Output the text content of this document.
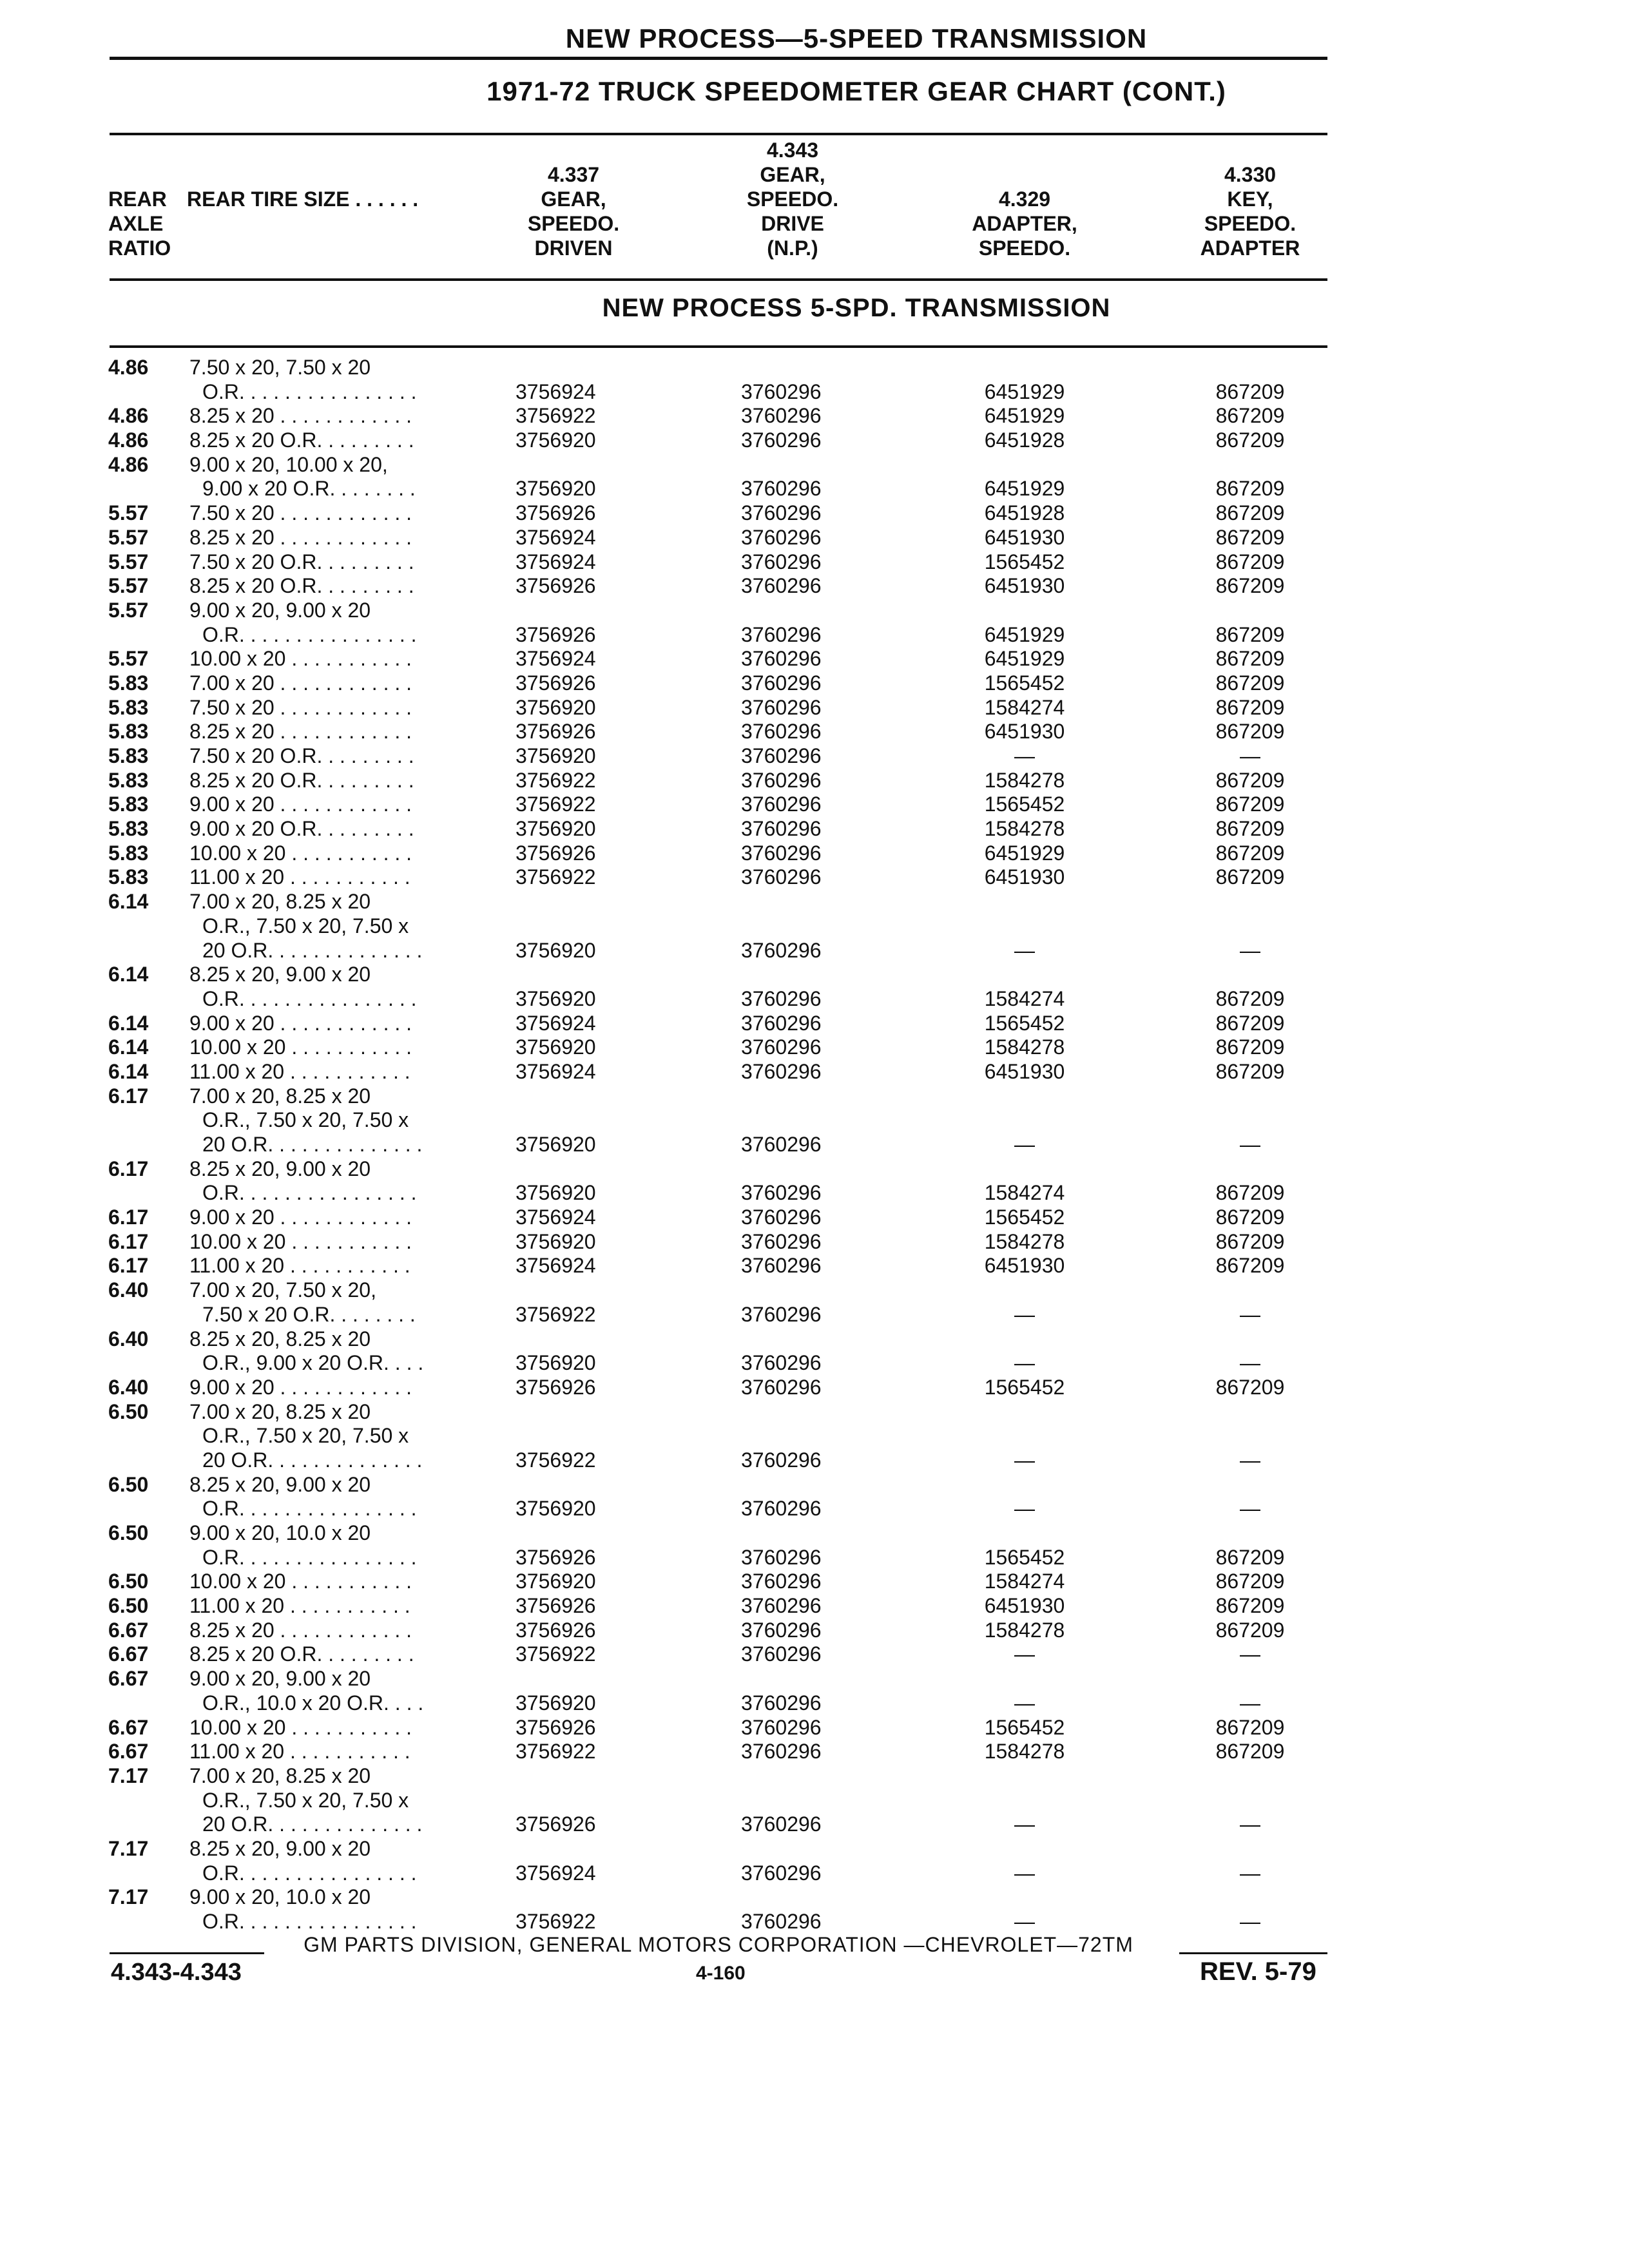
NEW PROCESS—5-SPEED TRANSMISSION
1971-72 TRUCK SPEEDOMETER GEAR CHART (CONT.)
REAR
AXLE
RATIO
REAR TIRE SIZE . . . . . .
4.337
GEAR,
SPEEDO.
DRIVEN
4.343
GEAR,
SPEEDO.
DRIVE
(N.P.)
4.329
ADAPTER,
SPEEDO.
4.330
KEY,
SPEEDO.
ADAPTER
NEW PROCESS 5-SPD. TRANSMISSION
4.86 7.50 x 20, 7.50 x 20
O.R. . . . . . . . . . . . . . . .	3756924	3760296	6451929	867209
4.86 8.25 x 20 . . . . . . . . . . . .	3756922	3760296	6451929	867209
4.86 8.25 x 20 O.R. . . . . . . . .	3756920	3760296	6451928	867209
4.86 9.00 x 20, 10.00 x 20,
9.00 x 20 O.R. . . . . . . .	3756920	3760296	6451929	867209
5.57 7.50 x 20 . . . . . . . . . . . .	3756926	3760296	6451928	867209
5.57 8.25 x 20 . . . . . . . . . . . .	3756924	3760296	6451930	867209
5.57 7.50 x 20 O.R. . . . . . . . .	3756924	3760296	1565452	867209
5.57 8.25 x 20 O.R. . . . . . . . .	3756926	3760296	6451930	867209
5.57 9.00 x 20, 9.00 x 20
O.R. . . . . . . . . . . . . . . .	3756926	3760296	6451929	867209
5.57 10.00 x 20 . . . . . . . . . . .	3756924	3760296	6451929	867209
5.83 7.00 x 20 . . . . . . . . . . . .	3756926	3760296	1565452	867209
5.83 7.50 x 20 . . . . . . . . . . . .	3756920	3760296	1584274	867209
5.83 8.25 x 20 . . . . . . . . . . . .	3756926	3760296	6451930	867209
5.83 7.50 x 20 O.R. . . . . . . . .	3756920	3760296	—	—
5.83 8.25 x 20 O.R. . . . . . . . .	3756922	3760296	1584278	867209
5.83 9.00 x 20 . . . . . . . . . . . .	3756922	3760296	1565452	867209
5.83 9.00 x 20 O.R. . . . . . . . .	3756920	3760296	1584278	867209
5.83 10.00 x 20 . . . . . . . . . . .	3756926	3760296	6451929	867209
5.83 11.00 x 20 . . . . . . . . . . .	3756922	3760296	6451930	867209
6.14 7.00 x 20, 8.25 x 20
O.R., 7.50 x 20, 7.50 x
20 O.R. . . . . . . . . . . . . .	3756920	3760296	—	—
6.14 8.25 x 20, 9.00 x 20
O.R. . . . . . . . . . . . . . . .	3756920	3760296	1584274	867209
6.14 9.00 x 20 . . . . . . . . . . . .	3756924	3760296	1565452	867209
6.14 10.00 x 20 . . . . . . . . . . .	3756920	3760296	1584278	867209
6.14 11.00 x 20 . . . . . . . . . . .	3756924	3760296	6451930	867209
6.17 7.00 x 20, 8.25 x 20
O.R., 7.50 x 20, 7.50 x
20 O.R. . . . . . . . . . . . . .	3756920	3760296	—	—
6.17 8.25 x 20, 9.00 x 20
O.R. . . . . . . . . . . . . . . .	3756920	3760296	1584274	867209
6.17 9.00 x 20 . . . . . . . . . . . .	3756924	3760296	1565452	867209
6.17 10.00 x 20 . . . . . . . . . . .	3756920	3760296	1584278	867209
6.17 11.00 x 20 . . . . . . . . . . .	3756924	3760296	6451930	867209
6.40 7.00 x 20, 7.50 x 20,
7.50 x 20 O.R. . . . . . . .	3756922	3760296	—	—
6.40 8.25 x 20, 8.25 x 20
O.R., 9.00 x 20 O.R. . . .	3756920	3760296	—	—
6.40 9.00 x 20 . . . . . . . . . . . .	3756926	3760296	1565452	867209
6.50 7.00 x 20, 8.25 x 20
O.R., 7.50 x 20, 7.50 x
20 O.R. . . . . . . . . . . . . .	3756922	3760296	—	—
6.50 8.25 x 20, 9.00 x 20
O.R. . . . . . . . . . . . . . . .	3756920	3760296	—	—
6.50 9.00 x 20, 10.0 x 20
O.R. . . . . . . . . . . . . . . .	3756926	3760296	1565452	867209
6.50 10.00 x 20 . . . . . . . . . . .	3756920	3760296	1584274	867209
6.50 11.00 x 20 . . . . . . . . . . .	3756926	3760296	6451930	867209
6.67 8.25 x 20 . . . . . . . . . . . .	3756926	3760296	1584278	867209
6.67 8.25 x 20 O.R. . . . . . . . .	3756922	3760296	—	—
6.67 9.00 x 20, 9.00 x 20
O.R., 10.0 x 20 O.R. . . .	3756920	3760296	—	—
6.67 10.00 x 20 . . . . . . . . . . .	3756926	3760296	1565452	867209
6.67 11.00 x 20 . . . . . . . . . . .	3756922	3760296	1584278	867209
7.17 7.00 x 20, 8.25 x 20
O.R., 7.50 x 20, 7.50 x
20 O.R. . . . . . . . . . . . . .	3756926	3760296	—	—
7.17 8.25 x 20, 9.00 x 20
O.R. . . . . . . . . . . . . . . .	3756924	3760296	—	—
7.17 9.00 x 20, 10.0 x 20
O.R. . . . . . . . . . . . . . . .	3756922	3760296	—	—
GM PARTS DIVISION, GENERAL MOTORS CORPORATION —CHEVROLET—72TM
4.343-4.343	4-160	REV. 5-79
